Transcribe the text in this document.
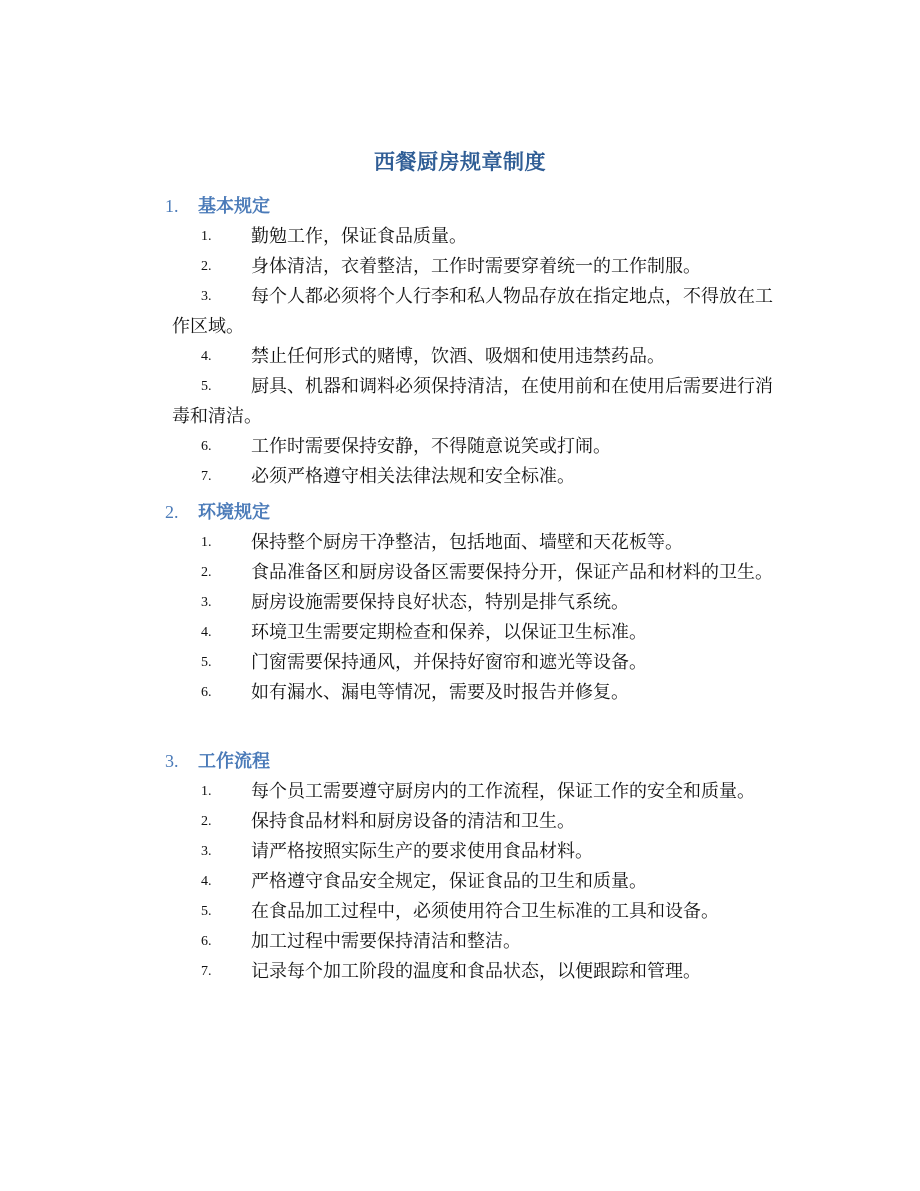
西餐厨房规章制度
1. 基本规定
1. 勤勉工作，保证食品质量。
2. 身体清洁，衣着整洁，工作时需要穿着统一的工作制服。
3. 每个人都必须将个人行李和私人物品存放在指定地点，不得放在工作区域。
4. 禁止任何形式的赌博，饮酒、吸烟和使用违禁药品。
5. 厨具、机器和调料必须保持清洁，在使用前和在使用后需要进行消毒和清洁。
6. 工作时需要保持安静，不得随意说笑或打闹。
7. 必须严格遵守相关法律法规和安全标准。
2. 环境规定
1. 保持整个厨房干净整洁，包括地面、墙壁和天花板等。
2. 食品准备区和厨房设备区需要保持分开，保证产品和材料的卫生。
3. 厨房设施需要保持良好状态，特别是排气系统。
4. 环境卫生需要定期检查和保养，以保证卫生标准。
5. 门窗需要保持通风，并保持好窗帘和遮光等设备。
6. 如有漏水、漏电等情况，需要及时报告并修复。
3. 工作流程
1. 每个员工需要遵守厨房内的工作流程，保证工作的安全和质量。
2. 保持食品材料和厨房设备的清洁和卫生。
3. 请严格按照实际生产的要求使用食品材料。
4. 严格遵守食品安全规定，保证食品的卫生和质量。
5. 在食品加工过程中，必须使用符合卫生标准的工具和设备。
6. 加工过程中需要保持清洁和整洁。
7. 记录每个加工阶段的温度和食品状态，以便跟踪和管理。
